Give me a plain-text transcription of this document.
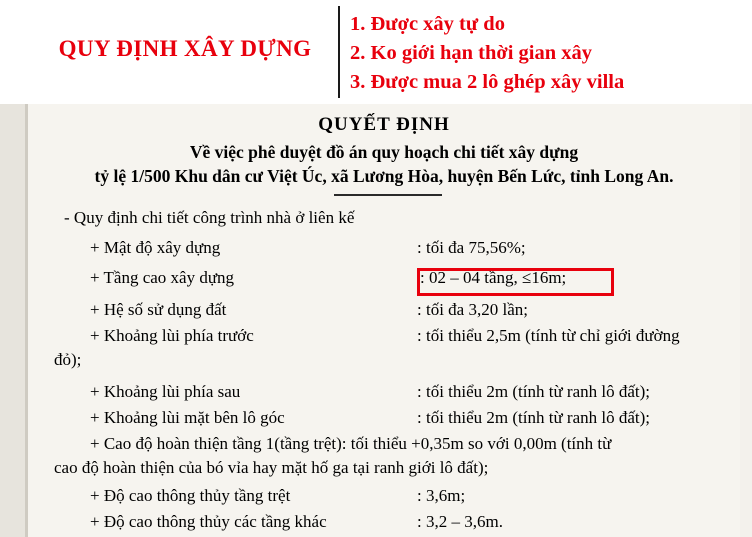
QUY ĐỊNH XÂY DỰNG
1. Được xây tự do
2. Ko giới hạn thời gian xây
3. Được mua 2 lô ghép xây villa
QUYẾT ĐỊNH
Về việc phê duyệt đồ án quy hoạch chi tiết xây dựng
tỷ lệ 1/500 Khu dân cư Việt Úc, xã Lương Hòa, huyện Bến Lức, tỉnh Long An.
- Quy định chi tiết công trình nhà ở liên kế
+ Mật độ xây dựng	: tối đa 75,56%;
+ Tầng cao xây dựng	: 02 – 04 tầng, ≤16m;
+ Hệ số sử dụng đất	: tối đa 3,20 lần;
+ Khoảng lùi phía trước	: tối thiểu 2,5m (tính từ chỉ giới đường
đỏ);
+ Khoảng lùi phía sau	: tối thiểu 2m (tính từ ranh lô đất);
+ Khoảng lùi mặt bên lô góc	: tối thiểu 2m (tính từ ranh lô đất);
+ Cao độ hoàn thiện tầng 1(tầng trệt): tối thiểu +0,35m so với 0,00m (tính từ
cao độ hoàn thiện của bó vỉa hay mặt hố ga tại ranh giới lô đất);
+ Độ cao thông thủy tầng trệt	: 3,6m;
+ Độ cao thông thủy các tầng khác	: 3,2 – 3,6m.
